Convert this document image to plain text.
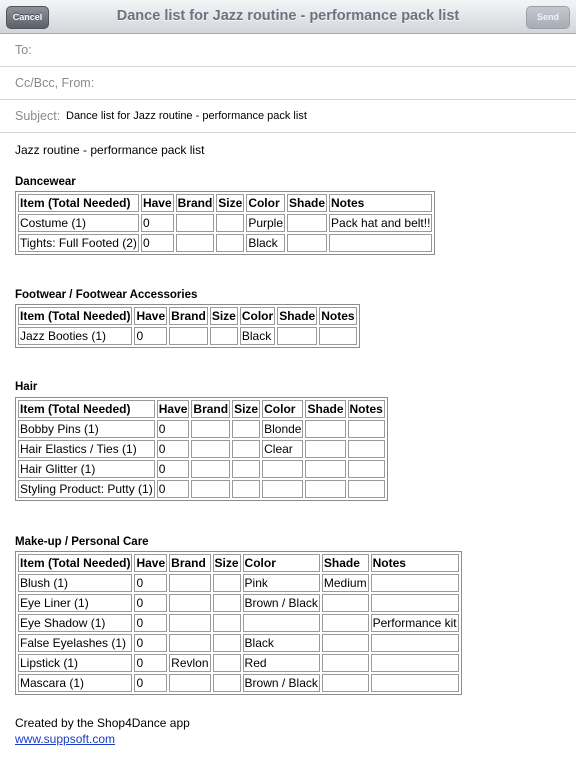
Cancel	Dance list for Jazz routine - performance pack list	Send
To:
Cc/Bcc, From:
Subject: Dance list for Jazz routine - performance pack list
Jazz routine - performance pack list
Dancewear
Item (Total Needed)	Have	Brand	Size	Color	Shade	Notes
Costume (1)	0			Purple		Pack hat and belt!!
Tights: Full Footed (2)	0			Black		
Footwear / Footwear Accessories
Item (Total Needed)	Have	Brand	Size	Color	Shade	Notes
Jazz Booties (1)	0			Black		
Hair
Item (Total Needed)	Have	Brand	Size	Color	Shade	Notes
Bobby Pins (1)	0			Blonde		
Hair Elastics / Ties (1)	0			Clear		
Hair Glitter (1)	0					
Styling Product: Putty (1)	0					
Make-up / Personal Care
Item (Total Needed)	Have	Brand	Size	Color	Shade	Notes
Blush (1)	0			Pink	Medium	
Eye Liner (1)	0			Brown / Black		
Eye Shadow (1)	0					Performance kit
False Eyelashes (1)	0			Black		
Lipstick (1)	0	Revlon		Red		
Mascara (1)	0			Brown / Black		
Created by the Shop4Dance app
www.suppsoft.com
